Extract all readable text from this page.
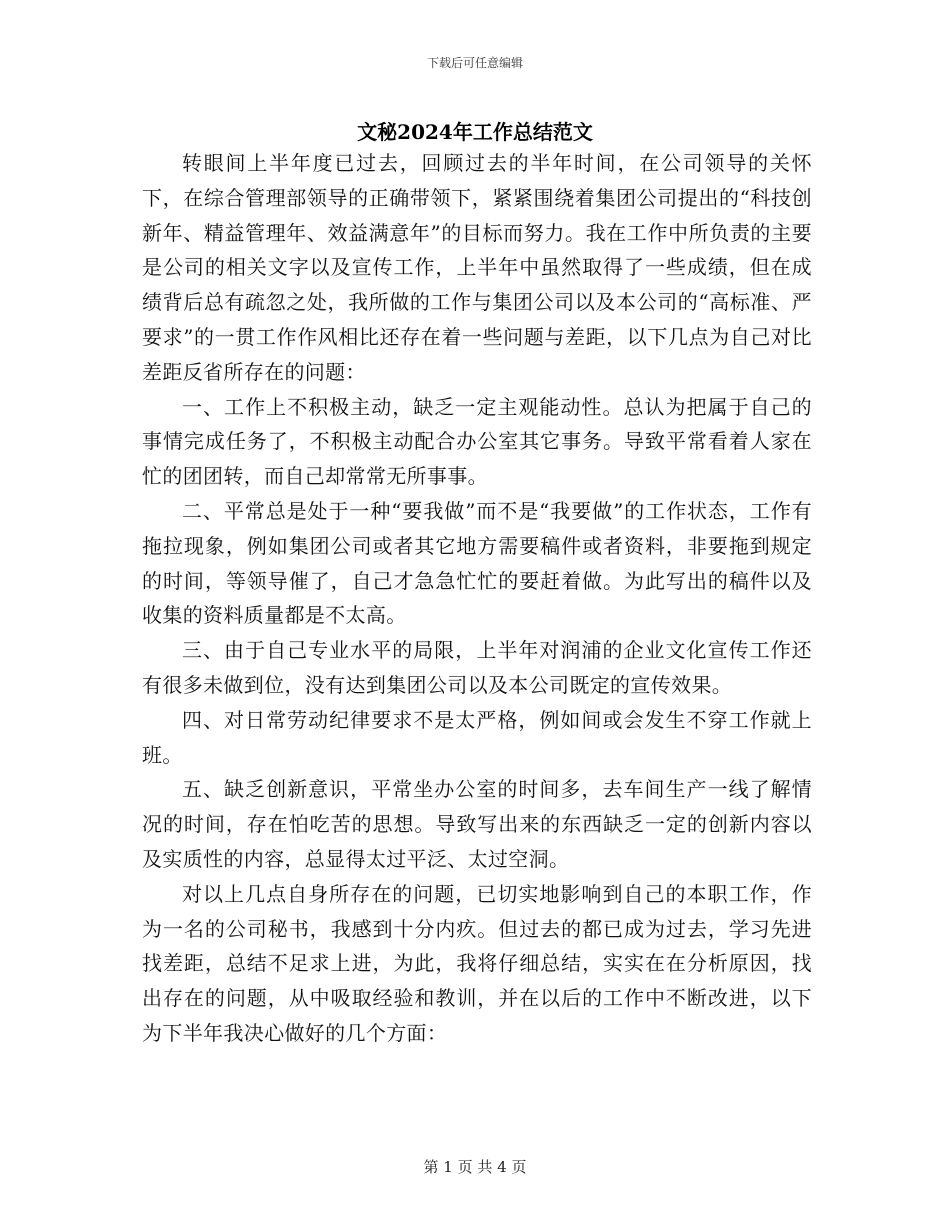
下载后可任意编辑
文秘2024年工作总结范文

转眼间上半年度已过去，回顾过去的半年时间，在公司领导的关怀下，在综合管理部领导的正确带领下，紧紧围绕着集团公司提出的“科技创新年、精益管理年、效益满意年”的目标而努力。我在工作中所负责的主要是公司的相关文字以及宣传工作，上半年中虽然取得了一些成绩，但在成绩背后总有疏忽之处，我所做的工作与集团公司以及本公司的“高标准、严要求”的一贯工作作风相比还存在着一些问题与差距，以下几点为自己对比差距反省所存在的问题：

一、工作上不积极主动，缺乏一定主观能动性。总认为把属于自己的事情完成任务了，不积极主动配合办公室其它事务。导致平常看着人家在忙的团团转，而自己却常常无所事事。

二、平常总是处于一种“要我做”而不是“我要做”的工作状态，工作有拖拉现象，例如集团公司或者其它地方需要稿件或者资料，非要拖到规定的时间，等领导催了，自己才急急忙忙的要赶着做。为此写出的稿件以及收集的资料质量都是不太高。

三、由于自己专业水平的局限，上半年对润浦的企业文化宣传工作还有很多未做到位，没有达到集团公司以及本公司既定的宣传效果。

四、对日常劳动纪律要求不是太严格，例如间或会发生不穿工作就上班。

五、缺乏创新意识，平常坐办公室的时间多，去车间生产一线了解情况的时间，存在怕吃苦的思想。导致写出来的东西缺乏一定的创新内容以及实质性的内容，总显得太过平泛、太过空洞。

对以上几点自身所存在的问题，已切实地影响到自己的本职工作，作为一名的公司秘书，我感到十分内疚。但过去的都已成为过去，学习先进找差距，总结不足求上进，为此，我将仔细总结，实实在在分析原因，找出存在的问题，从中吸取经验和教训，并在以后的工作中不断改进，以下为下半年我决心做好的几个方面：

第 1 页 共 4 页
